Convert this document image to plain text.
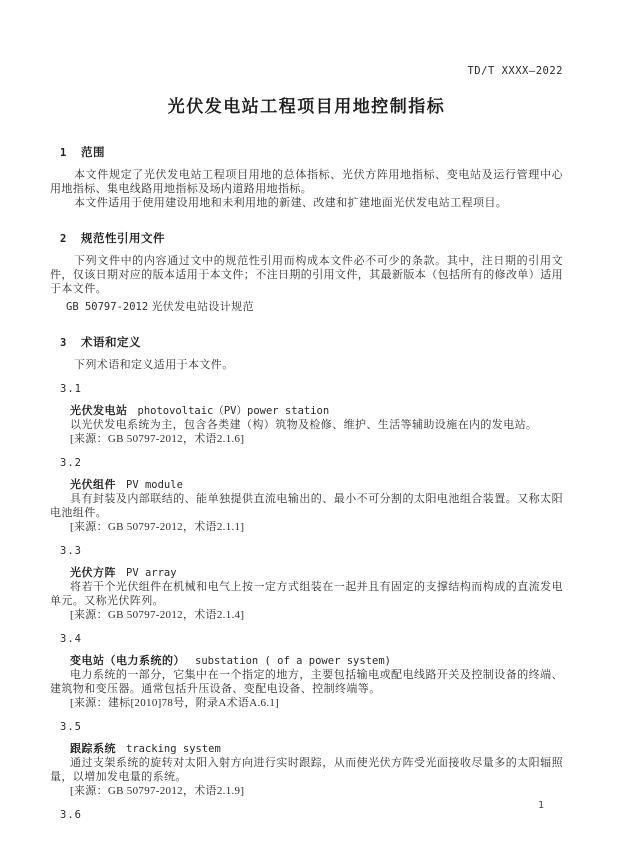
TD/T XXXX—2022
光伏发电站工程项目用地控制指标
1 范围

本文件规定了光伏发电站工程项目用地的总体指标、光伏方阵用地指标、变电站及运行管理中心用地指标、集电线路用地指标及场内道路用地指标。

本文件适用于使用建设用地和未利用地的新建、改建和扩建地面光伏发电站工程项目。

2 规范性引用文件

下列文件中的内容通过文中的规范性引用而构成本文件必不可少的条款。其中，注日期的引用文件，仅该日期对应的版本适用于本文件；不注日期的引用文件，其最新版本（包括所有的修改单）适用于本文件。

GB 50797-2012 光伏发电站设计规范
3 术语和定义

下列术语和定义适用于本文件。

3.1
光伏发电站 photovoltaic（PV）power station

以光伏发电系统为主，包含各类建（构）筑物及检修、维护、生活等辅助设施在内的发电站。

[来源：GB 50797-2012，术语2.1.6]
3.2
光伏组件 PV module

具有封装及内部联结的、能单独提供直流电输出的、最小不可分割的太阳电池组合装置。又称太阳电池组件。

[来源：GB 50797-2012，术语2.1.1]
3.3
光伏方阵 PV array

将若干个光伏组件在机械和电气上按一定方式组装在一起并且有固定的支撑结构而构成的直流发电单元。又称光伏阵列。

[来源：GB 50797-2012，术语2.1.4]
3.4
变电站（电力系统的） substation ( of a power system)

电力系统的一部分，它集中在一个指定的地方，主要包括输电或配电线路开关及控制设备的终端、建筑物和变压器。通常包括升压设备、变配电设备、控制终端等。

[来源：建标[2010]78号，附录A术语A.6.1]
3.5
跟踪系统 tracking system

通过支架系统的旋转对太阳入射方向进行实时跟踪，从而使光伏方阵受光面接收尽量多的太阳辐照量，以增加发电量的系统。

[来源：GB 50797-2012，术语2.1.9]
3.6
1
